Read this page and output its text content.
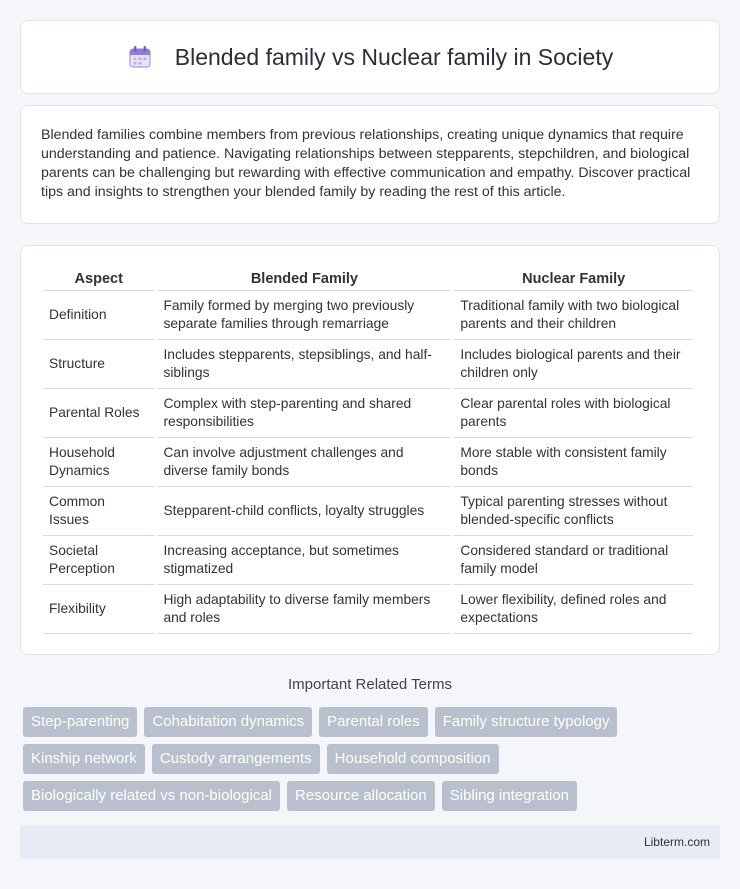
Blended family vs Nuclear family in Society

Blended families combine members from previous relationships, creating unique dynamics that require understanding and patience. Navigating relationships between stepparents, stepchildren, and biological parents can be challenging but rewarding with effective communication and empathy. Discover practical tips and insights to strengthen your blended family by reading the rest of this article.

Aspect	Blended Family	Nuclear Family
Definition	Family formed by merging two previously separate families through remarriage	Traditional family with two biological parents and their children
Structure	Includes stepparents, stepsiblings, and half-siblings	Includes biological parents and their children only
Parental Roles	Complex with step-parenting and shared responsibilities	Clear parental roles with biological parents
Household Dynamics	Can involve adjustment challenges and diverse family bonds	More stable with consistent family bonds
Common Issues	Stepparent-child conflicts, loyalty struggles	Typical parenting stresses without blended-specific conflicts
Societal Perception	Increasing acceptance, but sometimes stigmatized	Considered standard or traditional family model
Flexibility	High adaptability to diverse family members and roles	Lower flexibility, defined roles and expectations
Important Related Terms
Step-parenting	Cohabitation dynamics	Parental roles	Family structure typology
Kinship network	Custody arrangements	Household composition
Biologically related vs non-biological	Resource allocation	Sibling integration
Libterm.com
